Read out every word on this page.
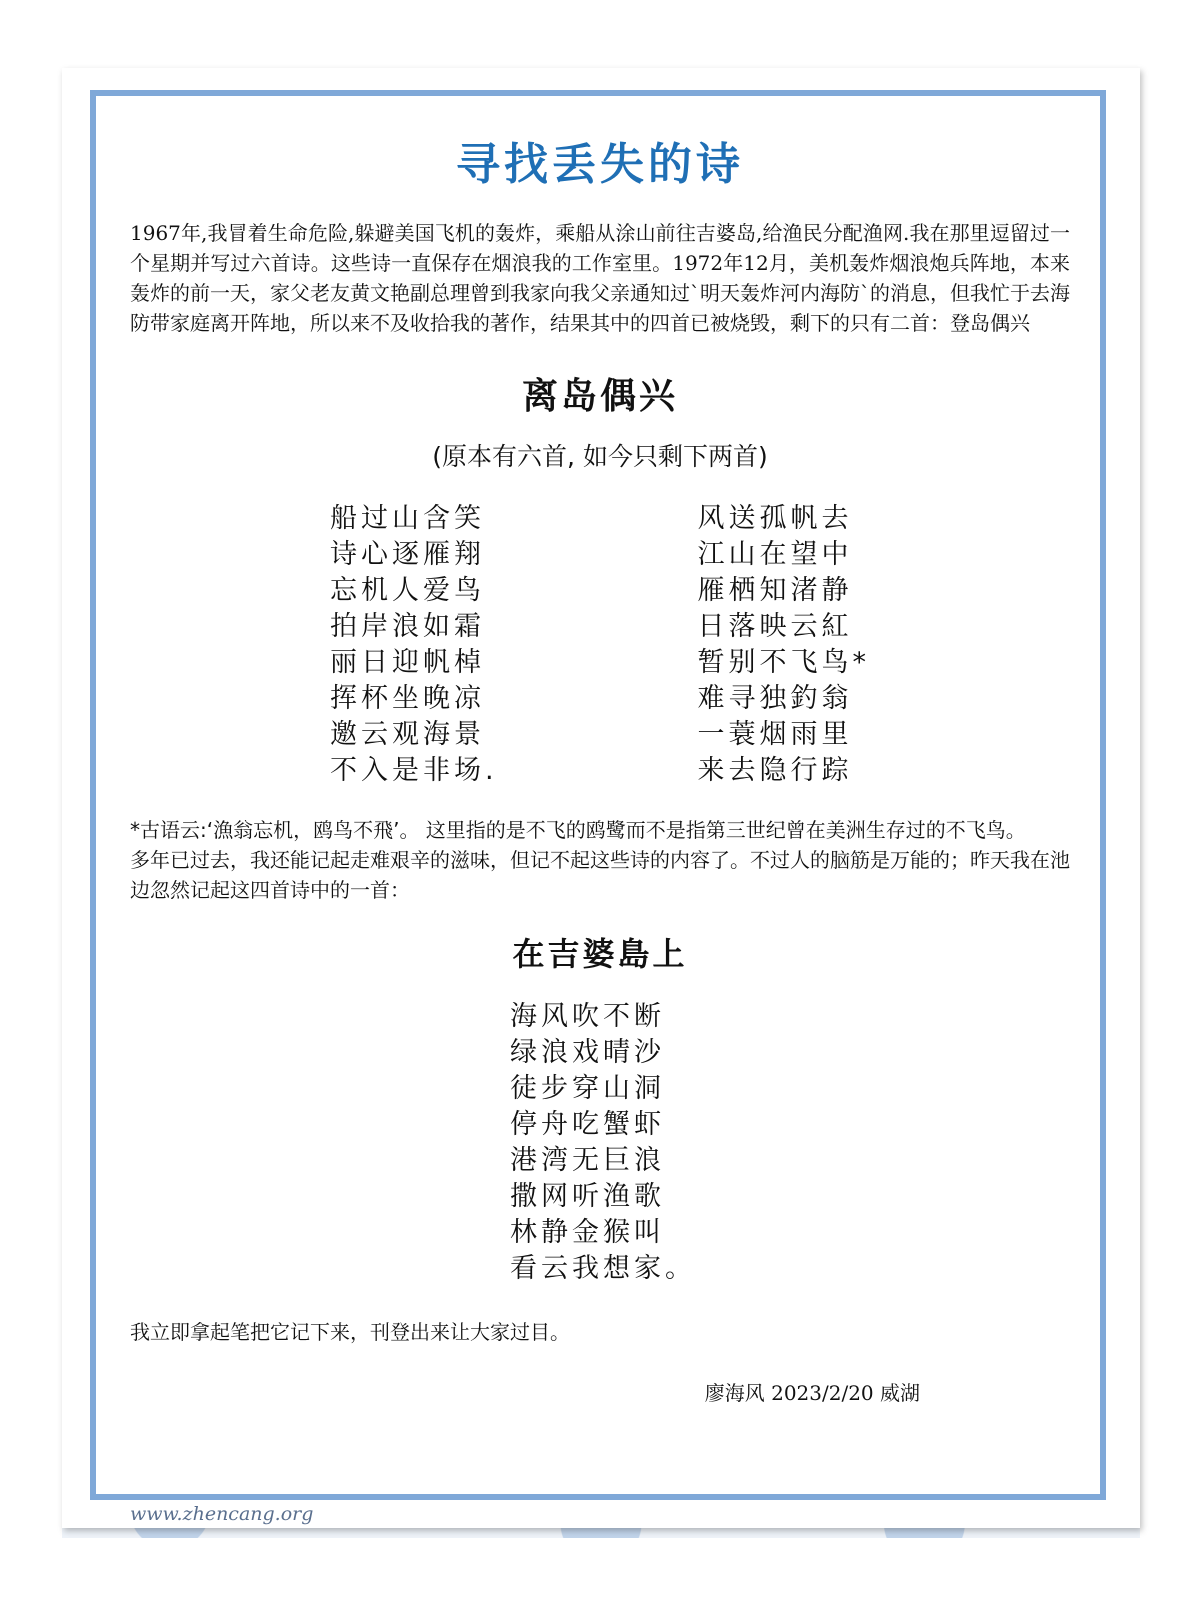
寻找丢失的诗

1967年,我冒着生命危险,躲避美国飞机的轰炸，乘船从涂山前往吉婆岛,给渔民分配渔网.我在那里逗留过一个星期并写过六首诗。这些诗一直保存在烟浪我的工作室里。1972年12月，美机轰炸烟浪炮兵阵地，本来轰炸的前一天，家父老友黄文艳副总理曾到我家向我父亲通知过`明天轰炸河内海防`的消息，但我忙于去海防带家庭离开阵地，所以来不及收拾我的著作，结果其中的四首已被烧毁，剩下的只有二首：登岛偶兴

离岛偶兴
(原本有六首, 如今只剩下两首)
船过山含笑
诗心逐雁翔
忘机人爱鸟
拍岸浪如霜
丽日迎帆棹
挥杯坐晚凉
邀云观海景
不入是非场.
风送孤帆去
江山在望中
雁栖知渚静
日落映云紅
暂别不飞鸟*
难寻独釣翁
一蓑烟雨里
来去隐行踪
*古语云:‘漁翁忘机，鸥鸟不飛’。 这里指的是不飞的鸥鹭而不是指第三世纪曾在美洲生存过的不飞鸟。
多年已过去，我还能记起走难艰辛的滋味，但记不起这些诗的内容了。不过人的脑筋是万能的；昨天我在池边忽然记起这四首诗中的一首：
在吉婆島上
海风吹不断
绿浪戏晴沙
徒步穿山洞
停舟吃蟹虾
港湾无巨浪
撒网听渔歌
林静金猴叫
看云我想家。
我立即拿起笔把它记下来，刊登出来让大家过目。
廖海风 2023/2/20 威湖
www.zhencang.org
